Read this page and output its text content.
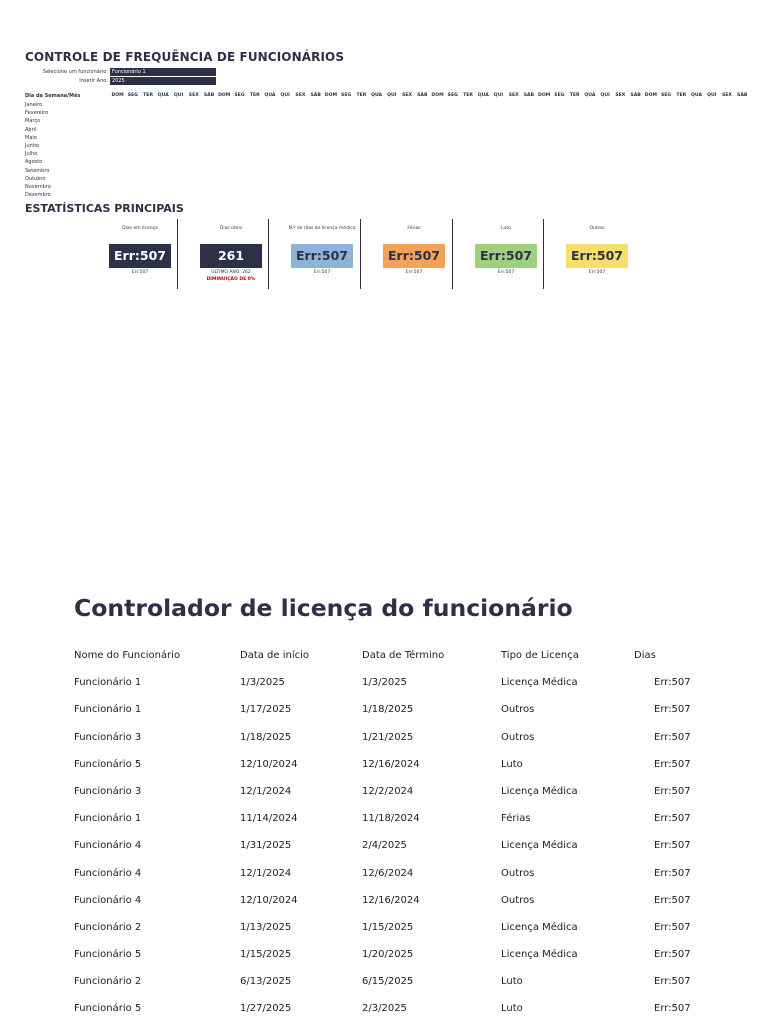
CONTROLE DE FREQUÊNCIA DE FUNCIONÁRIOS
Selecione um funcionário: Funcionário 1
Inserir Ano: 2025
Dia da Semana/Mês	DOM SEG	TER	QUA	QUI	SEX	SÁB DOM SEG	TER	QUA	QUI	SEX	SÁB DOM SEG	TER	QUA	QUI	SEX	SÁB DOM SEG	TER	QUA	QUI	SEX	SÁB DOM SEG	TER	QUA	QUI	SEX	SÁB DOM SEG	TER	QUA	QUI	SEX	SÁB
Janeiro
Fevereiro
Março
Abril
Maio
Junho
Julho
Agosto
Setembro
Outubro
Novembro
Dezembro
ESTATÍSTICAS PRINCIPAIS
Dias em licença
Err:507
Err:507
Dias úteis
261
ÚLTIMO ANO: 262
DIMINUIÇÃO DE 0%
N.º de dias de licença médica
Err:507
Err:507
Férias
Err:507
Err:507
Luto
Err:507
Err:507
Outros
Err:507
Err:507
Controlador de licença do funcionário
Nome do Funcionário	Data de início	Data de Término	Tipo de Licença	Dias
Funcionário 1	1/3/2025	1/3/2025	Licença Médica	Err:507
Funcionário 1	1/17/2025	1/18/2025	Outros	Err:507
Funcionário 3	1/18/2025	1/21/2025	Outros	Err:507
Funcionário 5	12/10/2024	12/16/2024	Luto	Err:507
Funcionário 3	12/1/2024	12/2/2024	Licença Médica	Err:507
Funcionário 1	11/14/2024	11/18/2024	Férias	Err:507
Funcionário 4	1/31/2025	2/4/2025	Licença Médica	Err:507
Funcionário 4	12/1/2024	12/6/2024	Outros	Err:507
Funcionário 4	12/10/2024	12/16/2024	Outros	Err:507
Funcionário 2	1/13/2025	1/15/2025	Licença Médica	Err:507
Funcionário 5	1/15/2025	1/20/2025	Licença Médica	Err:507
Funcionário 2	6/13/2025	6/15/2025	Luto	Err:507
Funcionário 5	1/27/2025	2/3/2025	Luto	Err:507
